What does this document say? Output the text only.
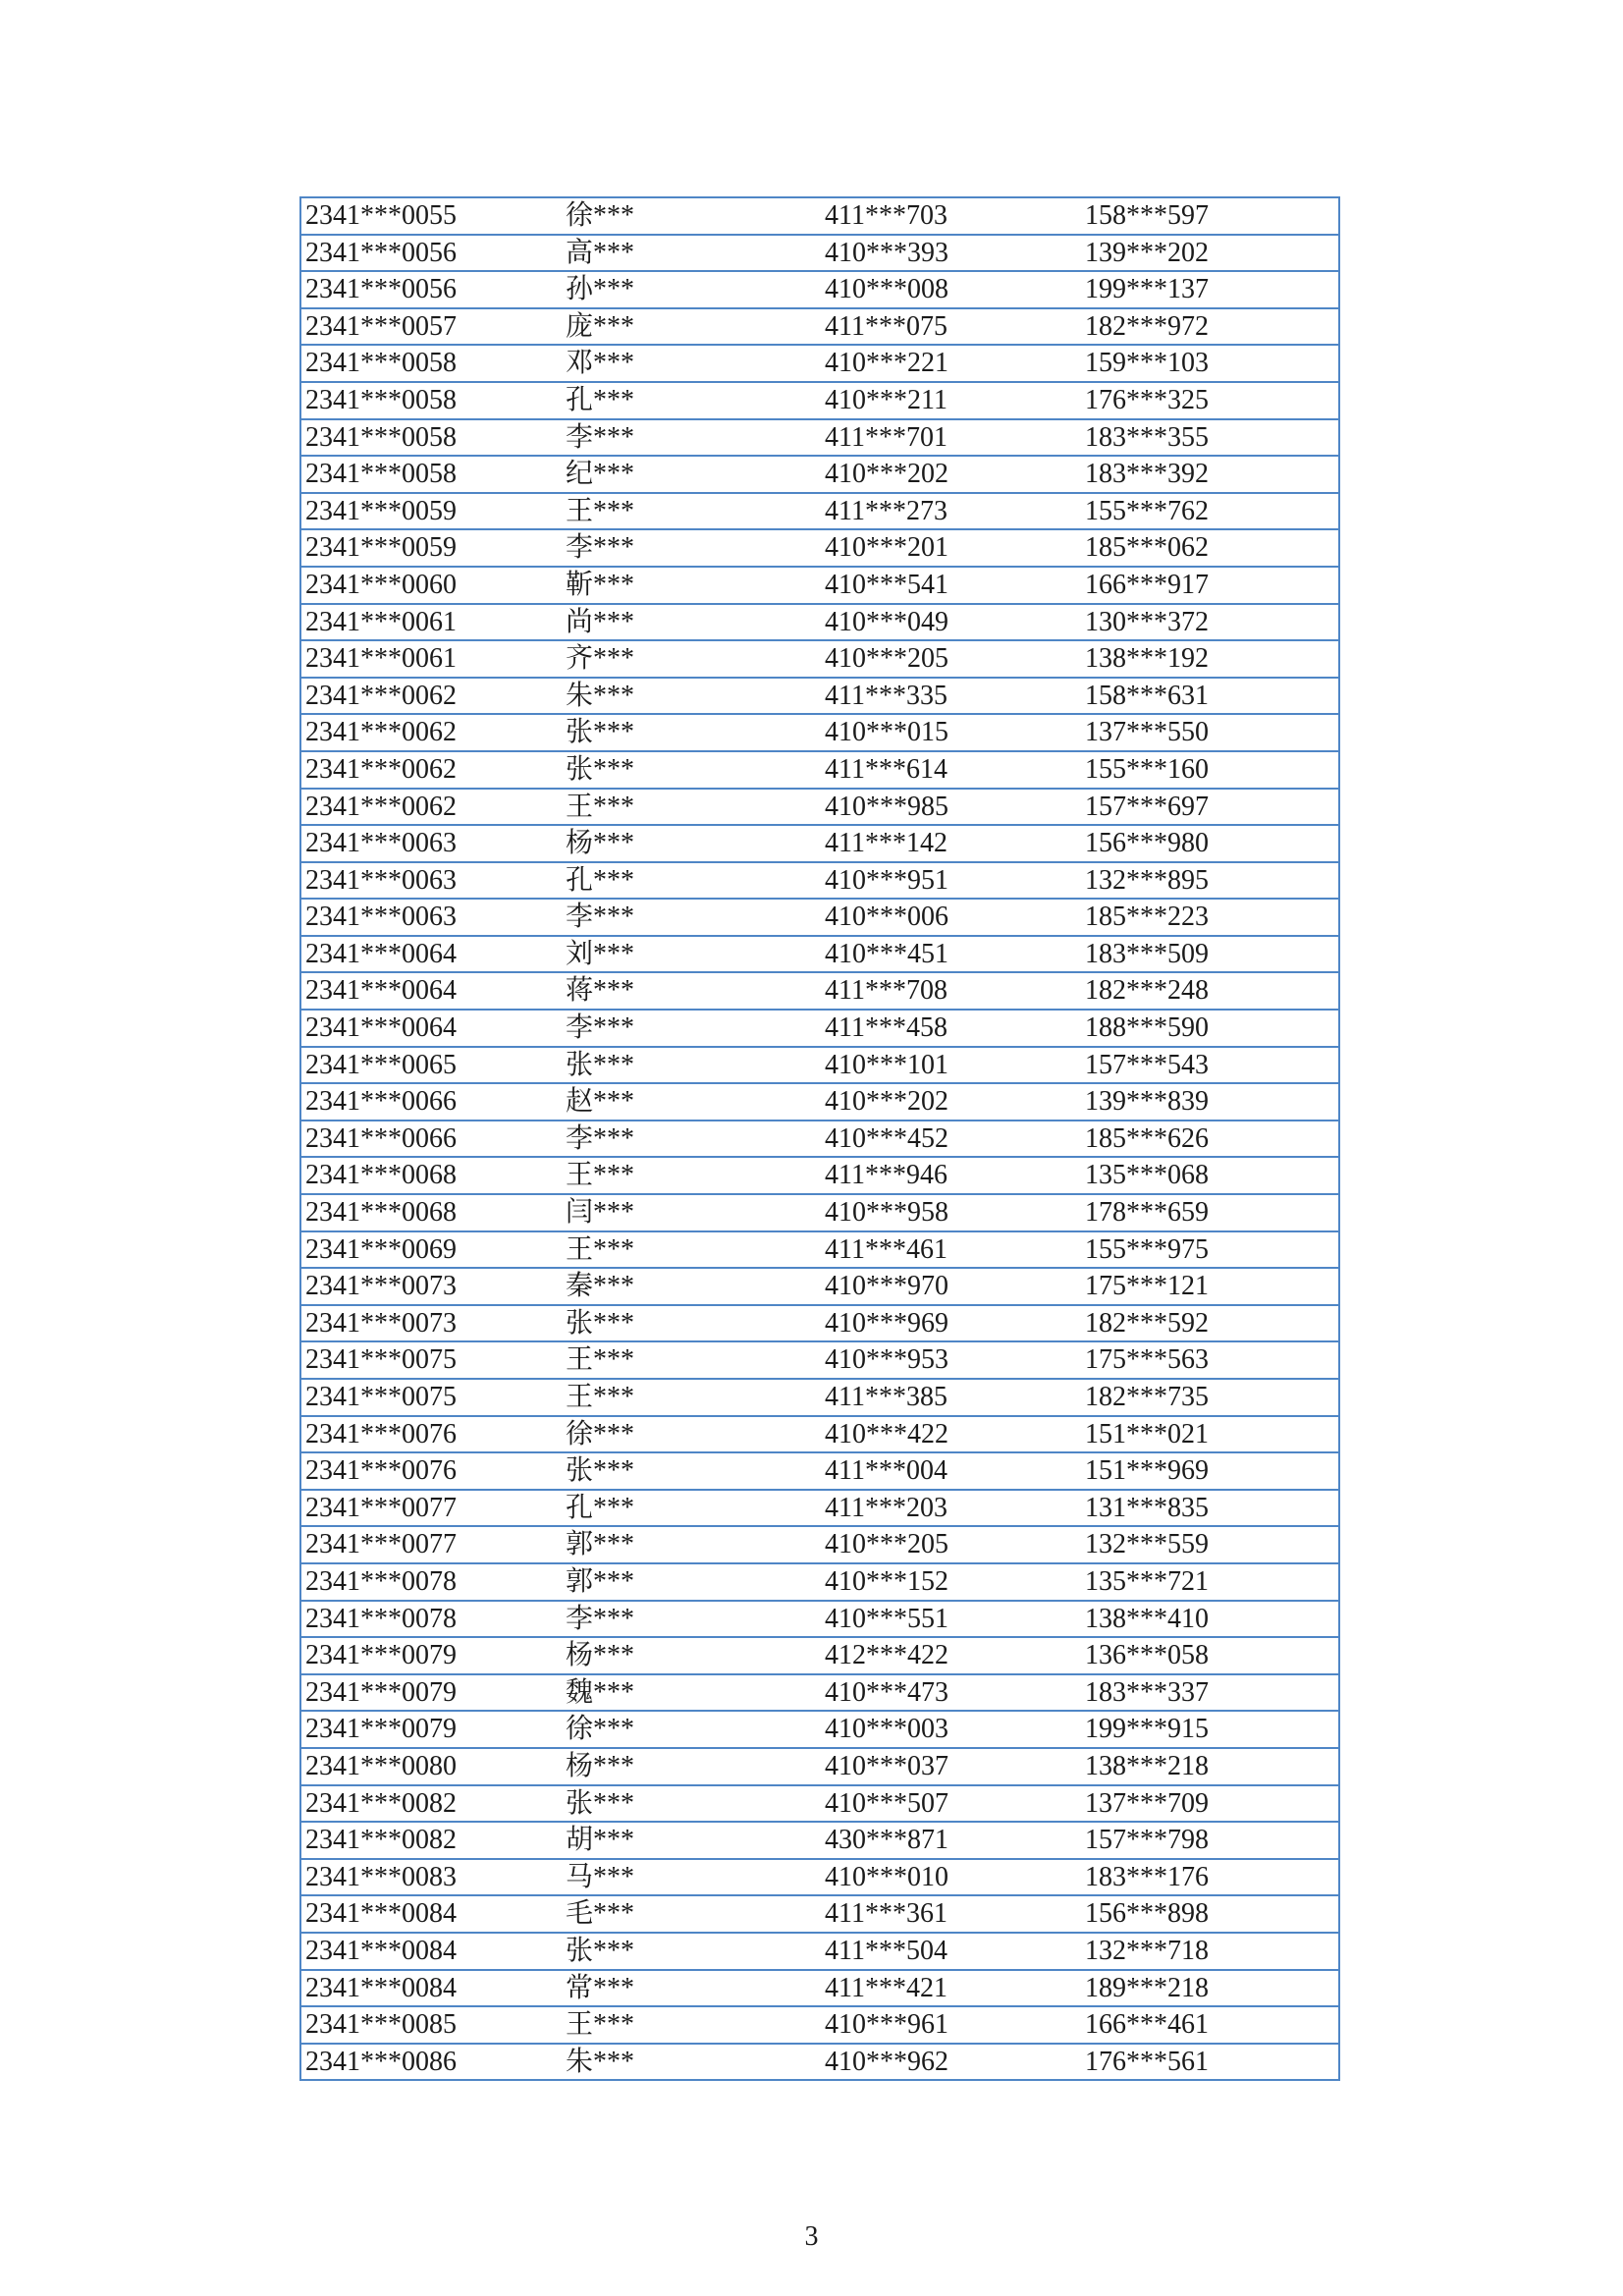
2341***0055	徐***	411***703	158***597
2341***0056	高***	410***393	139***202
2341***0056	孙***	410***008	199***137
2341***0057	庞***	411***075	182***972
2341***0058	邓***	410***221	159***103
2341***0058	孔***	410***211	176***325
2341***0058	李***	411***701	183***355
2341***0058	纪***	410***202	183***392
2341***0059	王***	411***273	155***762
2341***0059	李***	410***201	185***062
2341***0060	靳***	410***541	166***917
2341***0061	尚***	410***049	130***372
2341***0061	齐***	410***205	138***192
2341***0062	朱***	411***335	158***631
2341***0062	张***	410***015	137***550
2341***0062	张***	411***614	155***160
2341***0062	王***	410***985	157***697
2341***0063	杨***	411***142	156***980
2341***0063	孔***	410***951	132***895
2341***0063	李***	410***006	185***223
2341***0064	刘***	410***451	183***509
2341***0064	蒋***	411***708	182***248
2341***0064	李***	411***458	188***590
2341***0065	张***	410***101	157***543
2341***0066	赵***	410***202	139***839
2341***0066	李***	410***452	185***626
2341***0068	王***	411***946	135***068
2341***0068	闫***	410***958	178***659
2341***0069	王***	411***461	155***975
2341***0073	秦***	410***970	175***121
2341***0073	张***	410***969	182***592
2341***0075	王***	410***953	175***563
2341***0075	王***	411***385	182***735
2341***0076	徐***	410***422	151***021
2341***0076	张***	411***004	151***969
2341***0077	孔***	411***203	131***835
2341***0077	郭***	410***205	132***559
2341***0078	郭***	410***152	135***721
2341***0078	李***	410***551	138***410
2341***0079	杨***	412***422	136***058
2341***0079	魏***	410***473	183***337
2341***0079	徐***	410***003	199***915
2341***0080	杨***	410***037	138***218
2341***0082	张***	410***507	137***709
2341***0082	胡***	430***871	157***798
2341***0083	马***	410***010	183***176
2341***0084	毛***	411***361	156***898
2341***0084	张***	411***504	132***718
2341***0084	常***	411***421	189***218
2341***0085	王***	410***961	166***461
2341***0086	朱***	410***962	176***561
3
